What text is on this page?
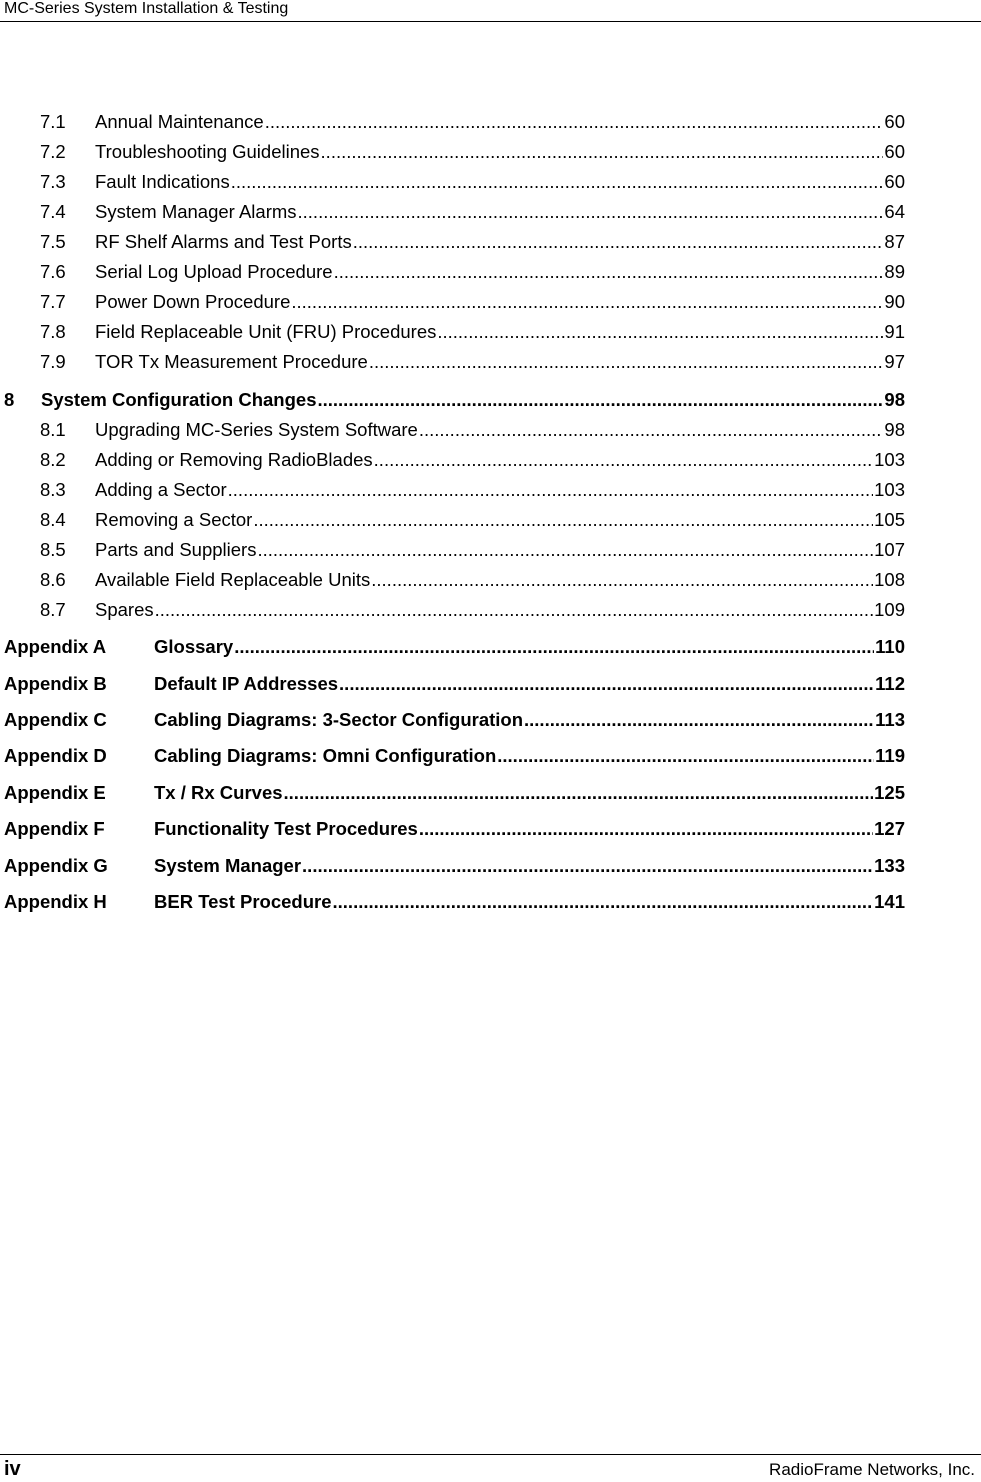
MC-Series System Installation & Testing
7.1 Annual Maintenance .....	60
7.2 Troubleshooting Guidelines .....	60
7.3 Fault Indications .....	60
7.4 System Manager Alarms .....	64
7.5 RF Shelf Alarms and Test Ports .....	87
7.6 Serial Log Upload Procedure .....	89
7.7 Power Down Procedure .....	90
7.8 Field Replaceable Unit (FRU) Procedures .....	91
7.9 TOR Tx Measurement Procedure .....	97
8 System Configuration Changes .....	98
8.1 Upgrading MC-Series System Software .....	98
8.2 Adding or Removing RadioBlades .....	103
8.3 Adding a Sector .....	103
8.4 Removing a Sector .....	105
8.5 Parts and Suppliers .....	107
8.6 Available Field Replaceable Units .....	108
8.7 Spares .....	109
Appendix A	Glossary .....	110
Appendix B	Default IP Addresses .....	112
Appendix C	Cabling Diagrams: 3-Sector Configuration .....	113
Appendix D	Cabling Diagrams: Omni Configuration .....	119
Appendix E	Tx / Rx Curves .....	125
Appendix F	Functionality Test Procedures .....	127
Appendix G System Manager .....	133
Appendix H	BER Test Procedure .....	141
iv	RadioFrame Networks, Inc.
